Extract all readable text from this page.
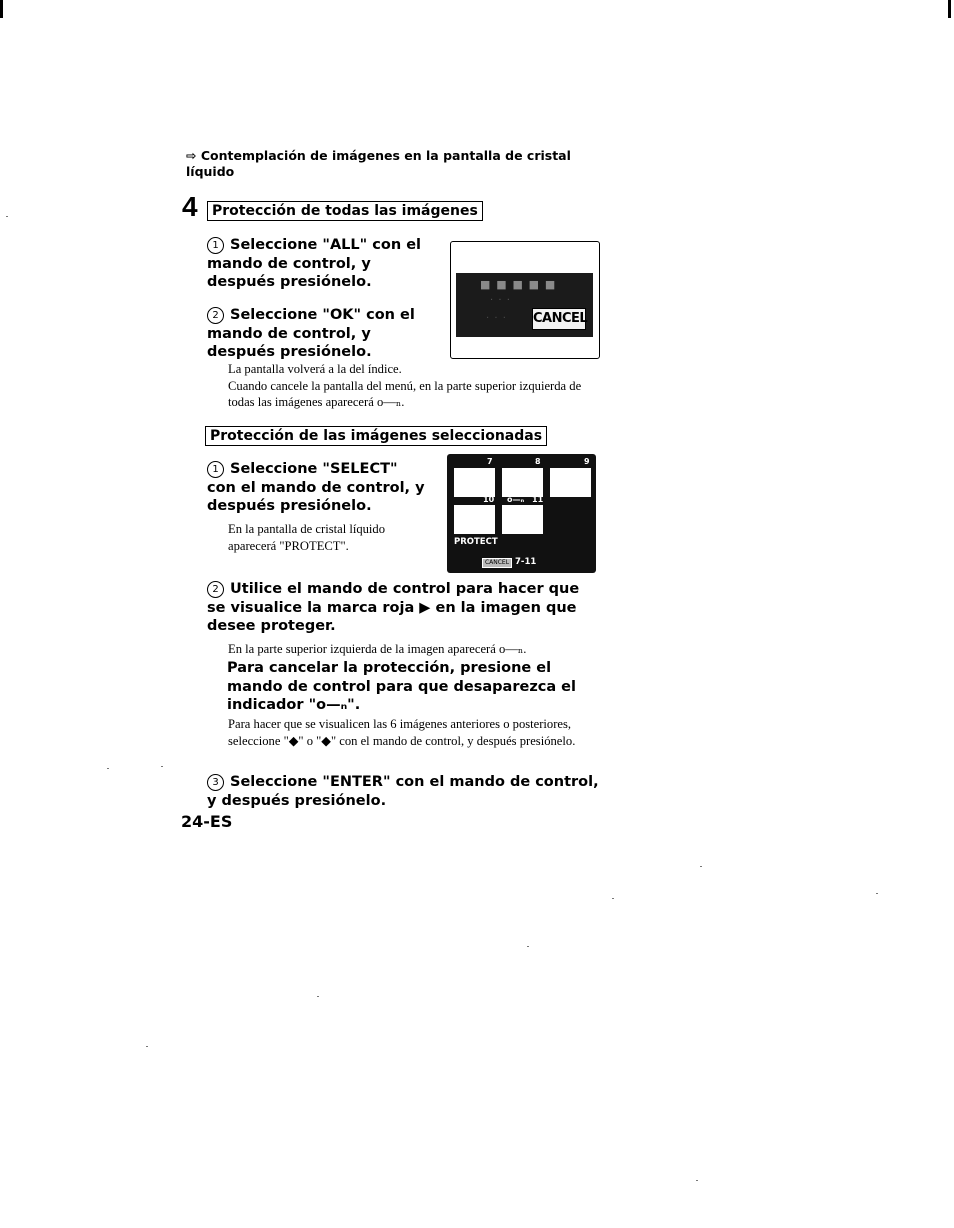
⇨ Contemplación de imágenes en la pantalla de cristal líquido
4	Protección de todas las imágenes
1 Seleccione "ALL" con el mando de control, y después presiónelo.
2 Seleccione "OK" con el mando de control, y después presiónelo.
La pantalla volverá a la del índice.
Cuando cancele la pantalla del menú, en la parte superior izquierda de todas las imágenes aparecerá o—ₙ.
■ ■ ■ ■ ■
· · ·
· · · CANCEL
Protección de las imágenes seleccionadas
1 Seleccione "SELECT" con el mando de control, y después presiónelo.
En la pantalla de cristal líquido aparecerá "PROTECT".
7	8	9
10 o—ₙ 11
PROTECT
CANCEL 7-11
2 Utilice el mando de control para hacer que se visualice la marca roja ▶ en la imagen que desee proteger.
En la parte superior izquierda de la imagen aparecerá o—ₙ.
Para cancelar la protección, presione el mando de control para que desaparezca el indicador "o—ₙ".
Para hacer que se visualicen las 6 imágenes anteriores o posteriores, seleccione "◆" o "◆" con el mando de control, y después presiónelo.
3 Seleccione "ENTER" con el mando de control, y después presiónelo.
24-ES
